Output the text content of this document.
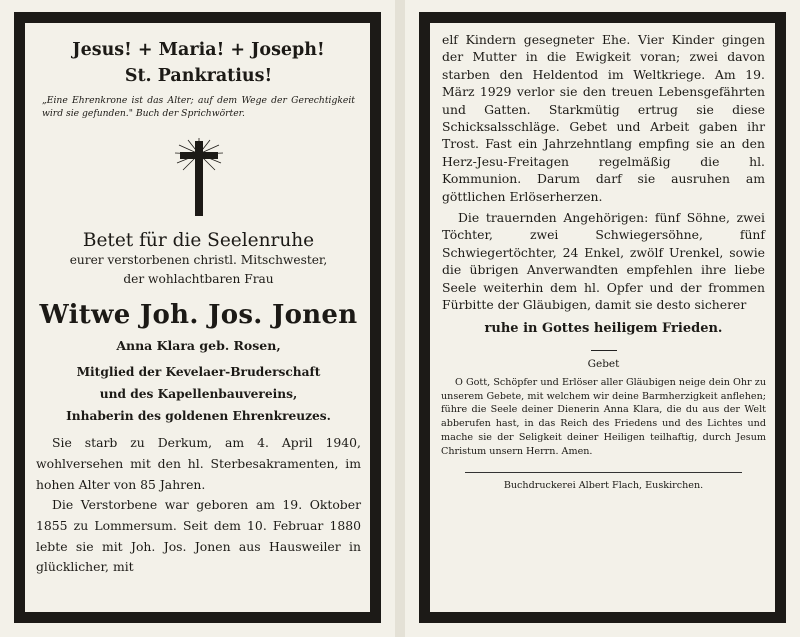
Jesus! + Maria! + Joseph!
St. Pankratius!
„Eine Ehrenkrone ist das Alter; auf dem Wege der Gerechtigkeit wird sie gefunden." Buch der Sprichwörter.
Betet für die Seelenruhe
eurer verstorbenen christl. Mitschwester,
der wohlachtbaren Frau
Witwe Joh. Jos. Jonen
Anna Klara geb. Rosen,
Mitglied der Kevelaer-Bruderschaft
und des Kapellenbauvereins,
Inhaberin des goldenen Ehrenkreuzes.

Sie starb zu Derkum, am 4. April 1940, wohlversehen mit den hl. Sterbesakramenten, im hohen Alter von 85 Jahren.

Die Verstorbene war geboren am 19. Oktober 1855 zu Lommersum. Seit dem 10. Februar 1880 lebte sie mit Joh. Jos. Jonen aus Hausweiler in glücklicher, mit

elf Kindern gesegneter Ehe. Vier Kinder gingen der Mutter in die Ewigkeit voran; zwei davon starben den Heldentod im Weltkriege. Am 19. März 1929 verlor sie den treuen Lebensgefährten und Gatten. Starkmütig ertrug sie diese Schicksalsschläge. Gebet und Arbeit gaben ihr Trost. Fast ein Jahrzehntlang empfing sie an den Herz-Jesu-Freitagen regelmäßig die hl. Kommunion. Darum darf sie ausruhen am göttlichen Erlöserherzen.

Die trauernden Angehörigen: fünf Söhne, zwei Töchter, zwei Schwiegersöhne, fünf Schwiegertöchter, 24 Enkel, zwölf Urenkel, sowie die übrigen Anverwandten empfehlen ihre liebe Seele weiterhin dem hl. Opfer und der frommen Fürbitte der Gläubigen, damit sie desto sicherer

ruhe in Gottes heiligem Frieden.
Gebet
O Gott, Schöpfer und Erlöser aller Gläubigen neige dein Ohr zu unserem Gebete, mit welchem wir deine Barmherzigkeit anflehen; führe die Seele deiner Dienerin Anna Klara, die du aus der Welt abberufen hast, in das Reich des Friedens und des Lichtes und mache sie der Seligkeit deiner Heiligen teilhaftig, durch Jesum Christum unsern Herrn. Amen.
Buchdruckerei Albert Flach, Euskirchen.
